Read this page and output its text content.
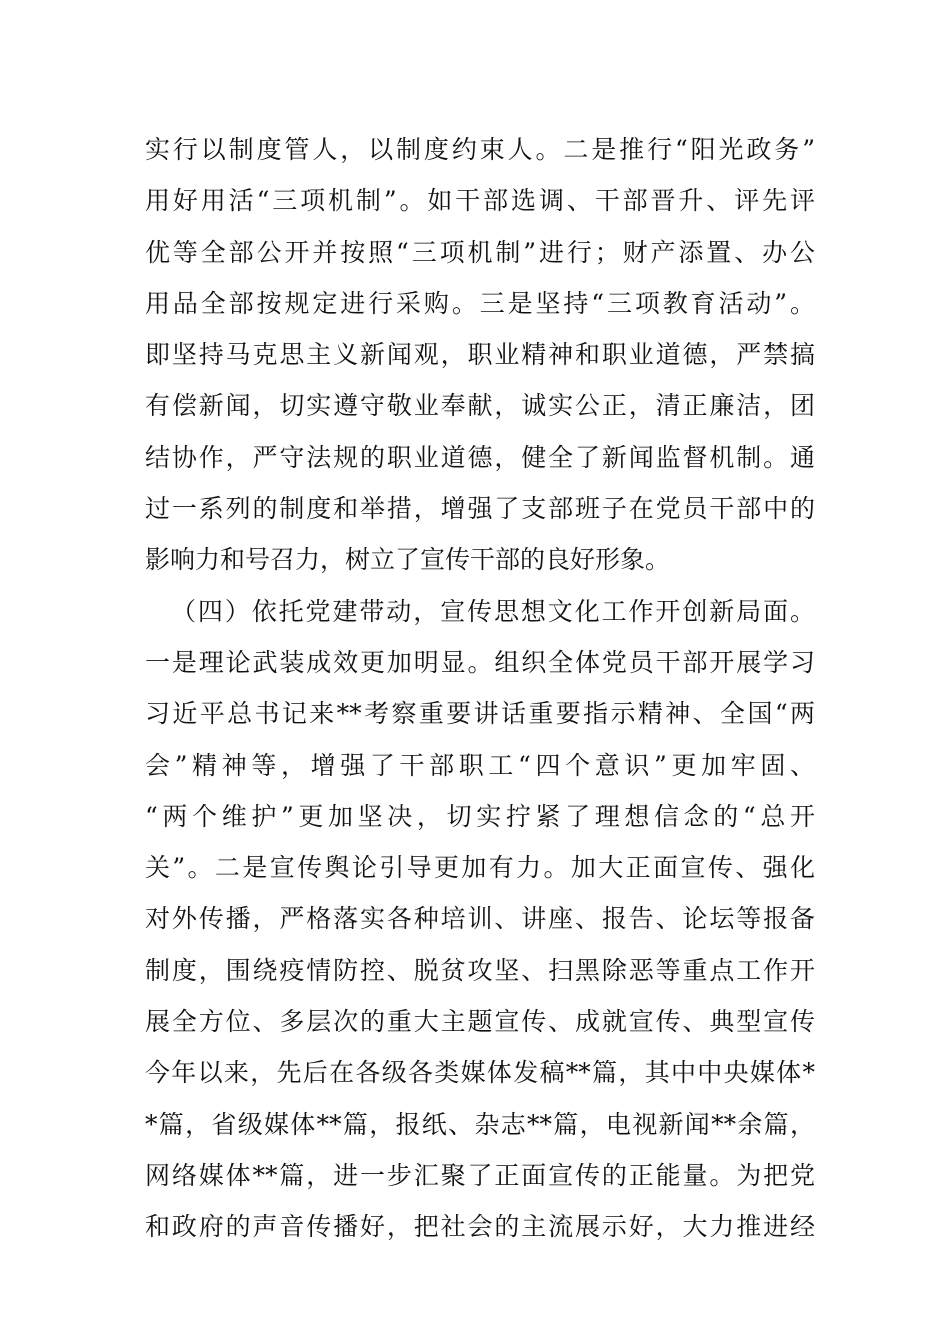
实行以制度管人，以制度约束人。二是推行“阳光政务”
用好用活“三项机制”。如干部选调、干部晋升、评先评
优等全部公开并按照“三项机制”进行；财产添置、办公
用品全部按规定进行采购。三是坚持“三项教育活动”。
即坚持马克思主义新闻观，职业精神和职业道德，严禁搞
有偿新闻，切实遵守敬业奉献，诚实公正，清正廉洁，团
结协作，严守法规的职业道德，健全了新闻监督机制。通
过一系列的制度和举措，增强了支部班子在党员干部中的
影响力和号召力，树立了宣传干部的良好形象。
（四）依托党建带动，宣传思想文化工作开创新局面。
一是理论武装成效更加明显。组织全体党员干部开展学习
习近平总书记来**考察重要讲话重要指示精神、全国“两
会”精神等，增强了干部职工“四个意识”更加牢固、
“两个维护”更加坚决，切实拧紧了理想信念的“总开
关”。二是宣传舆论引导更加有力。加大正面宣传、强化
对外传播，严格落实各种培训、讲座、报告、论坛等报备
制度，围绕疫情防控、脱贫攻坚、扫黑除恶等重点工作开
展全方位、多层次的重大主题宣传、成就宣传、典型宣传
今年以来，先后在各级各类媒体发稿**篇，其中中央媒体*
*篇，省级媒体**篇，报纸、杂志**篇，电视新闻**余篇，
网络媒体**篇，进一步汇聚了正面宣传的正能量。为把党
和政府的声音传播好，把社会的主流展示好，大力推进经
